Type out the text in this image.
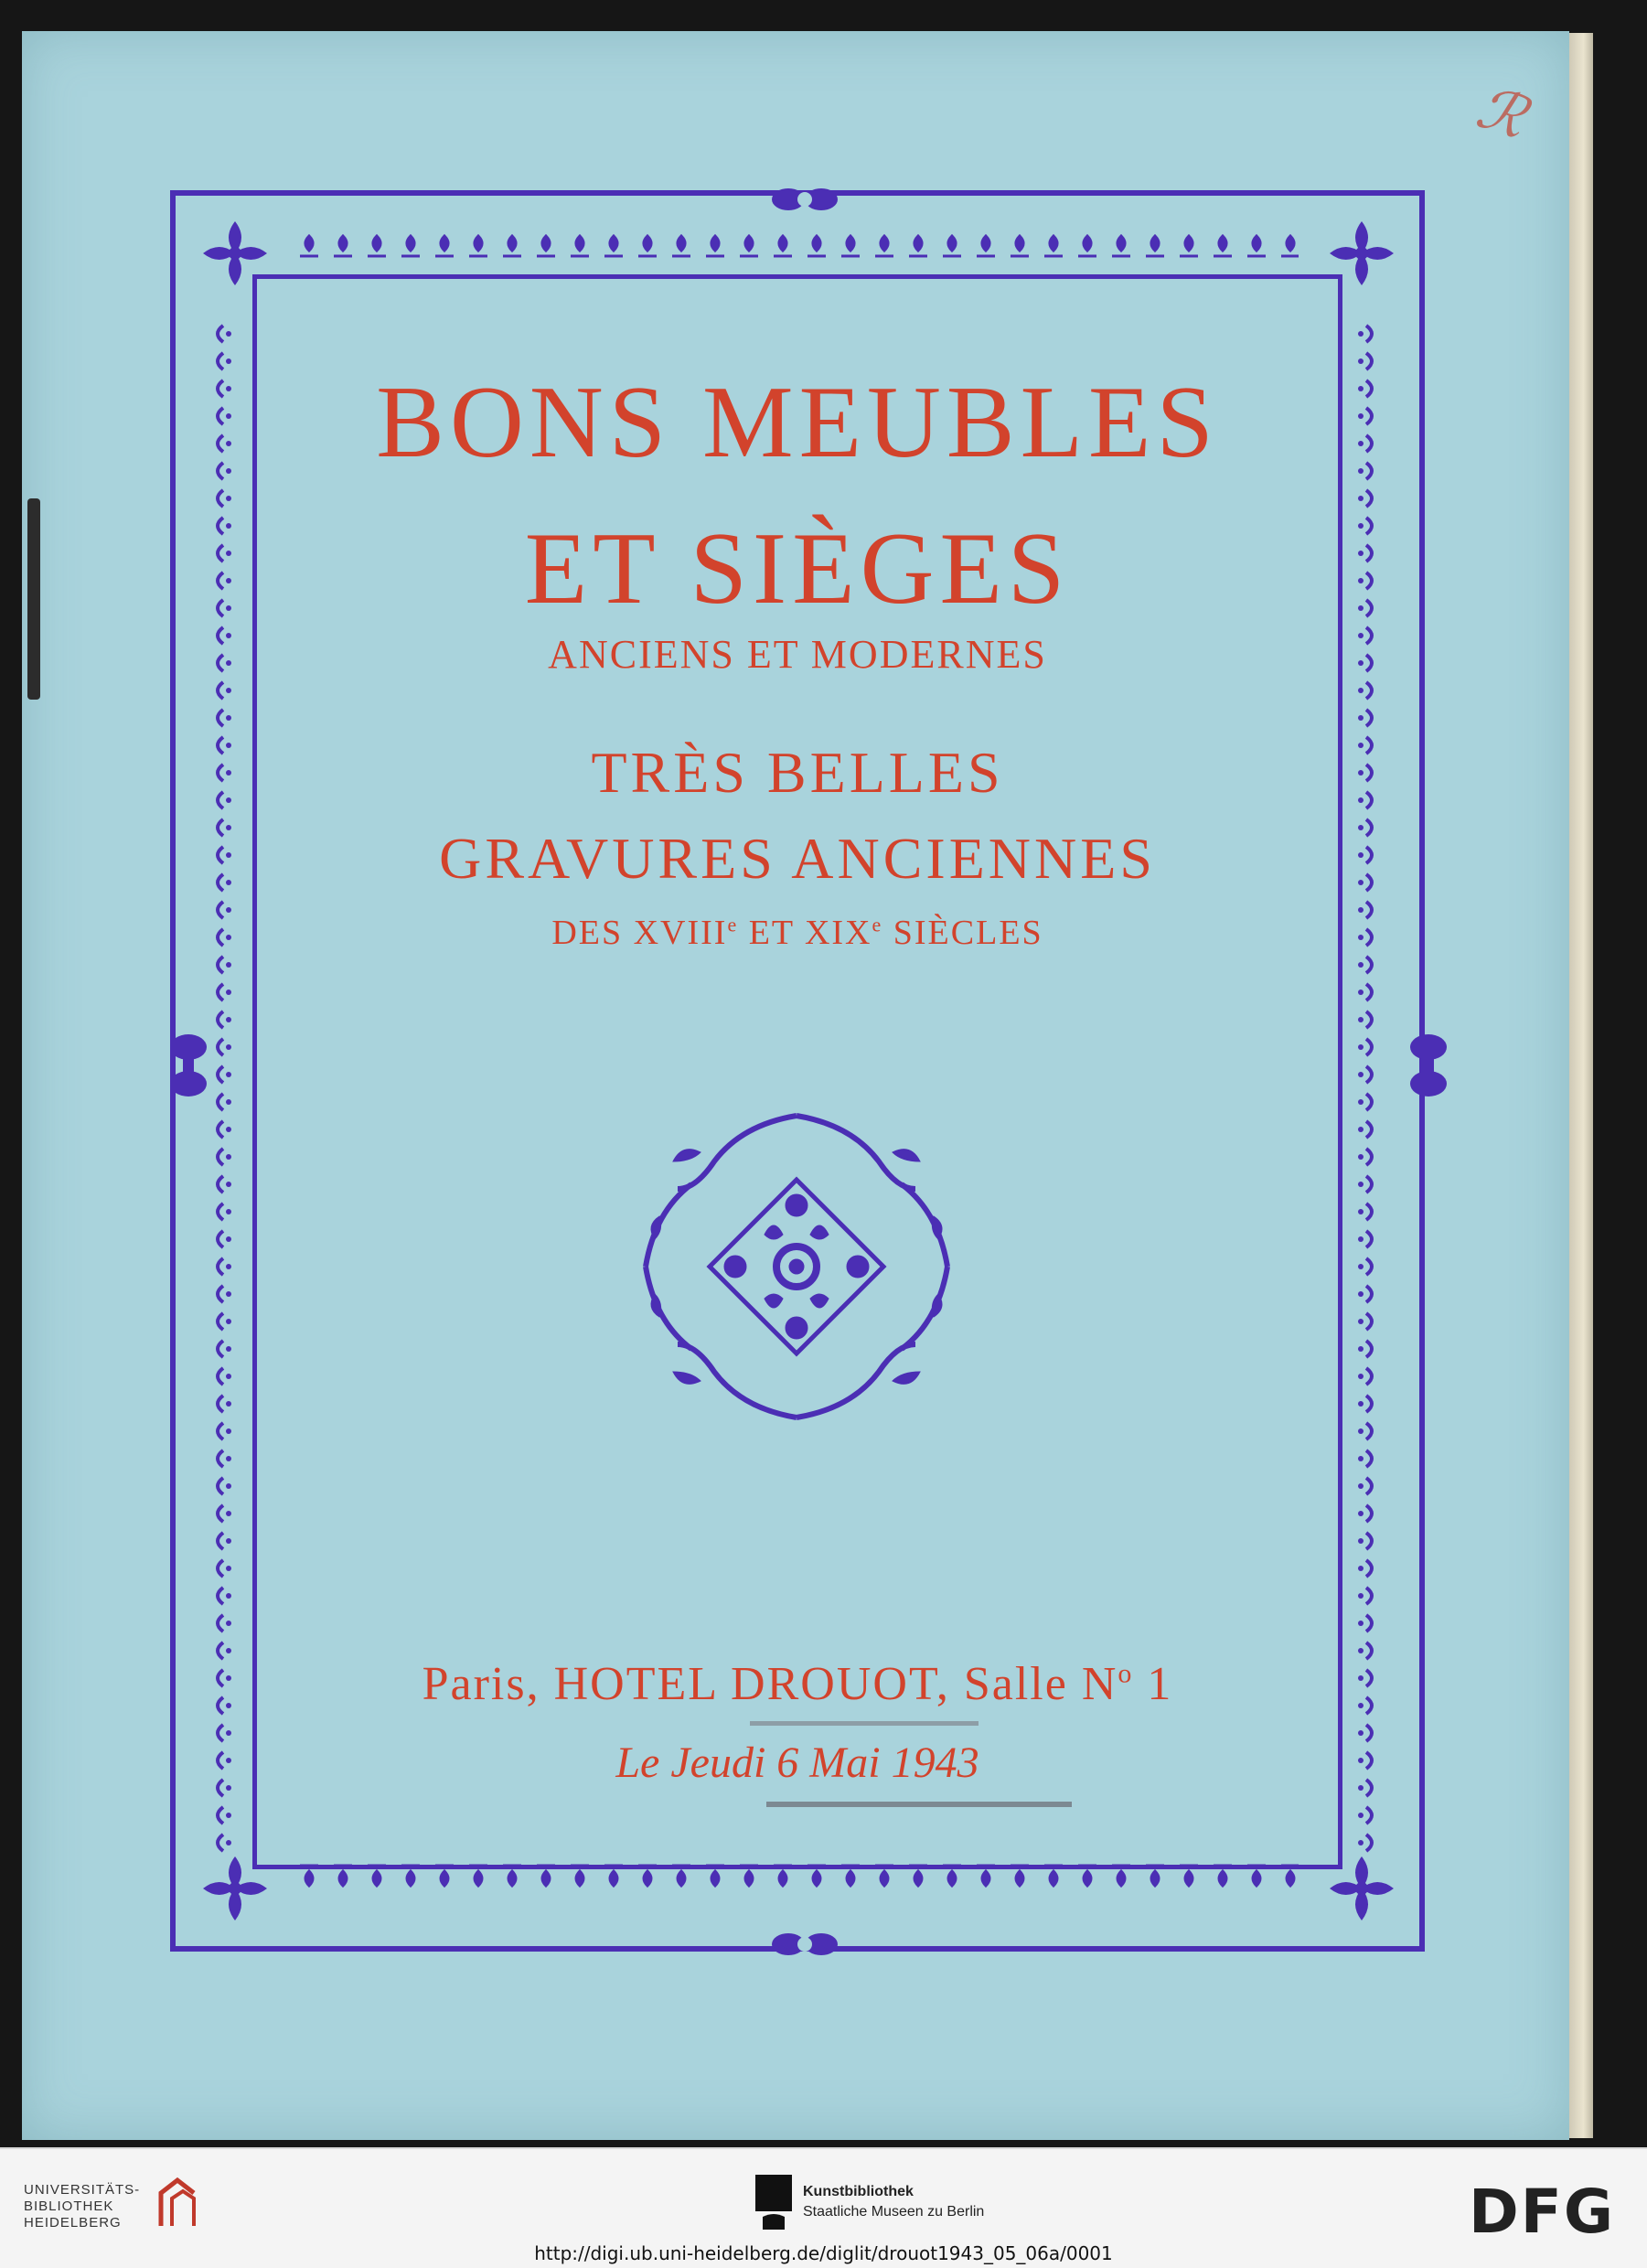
ℛ
BONS MEUBLES
ET SIÈGES
ANCIENS ET MODERNES
TRÈS BELLES
GRAVURES ANCIENNES
DES XVIIIe ET XIXe SIÈCLES

Paris, HOTEL DROUOT, Salle $N^o$ 1

Le Jeudi 6 Mai 1943

UNIVERSITÄTS-
BIBLIOTHEK
HEIDELBERG
Kunstbibliothek
Staatliche Museen zu Berlin	DFG
http://digi.ub.uni-heidelberg.de/diglit/drouot1943_05_06a/0001
